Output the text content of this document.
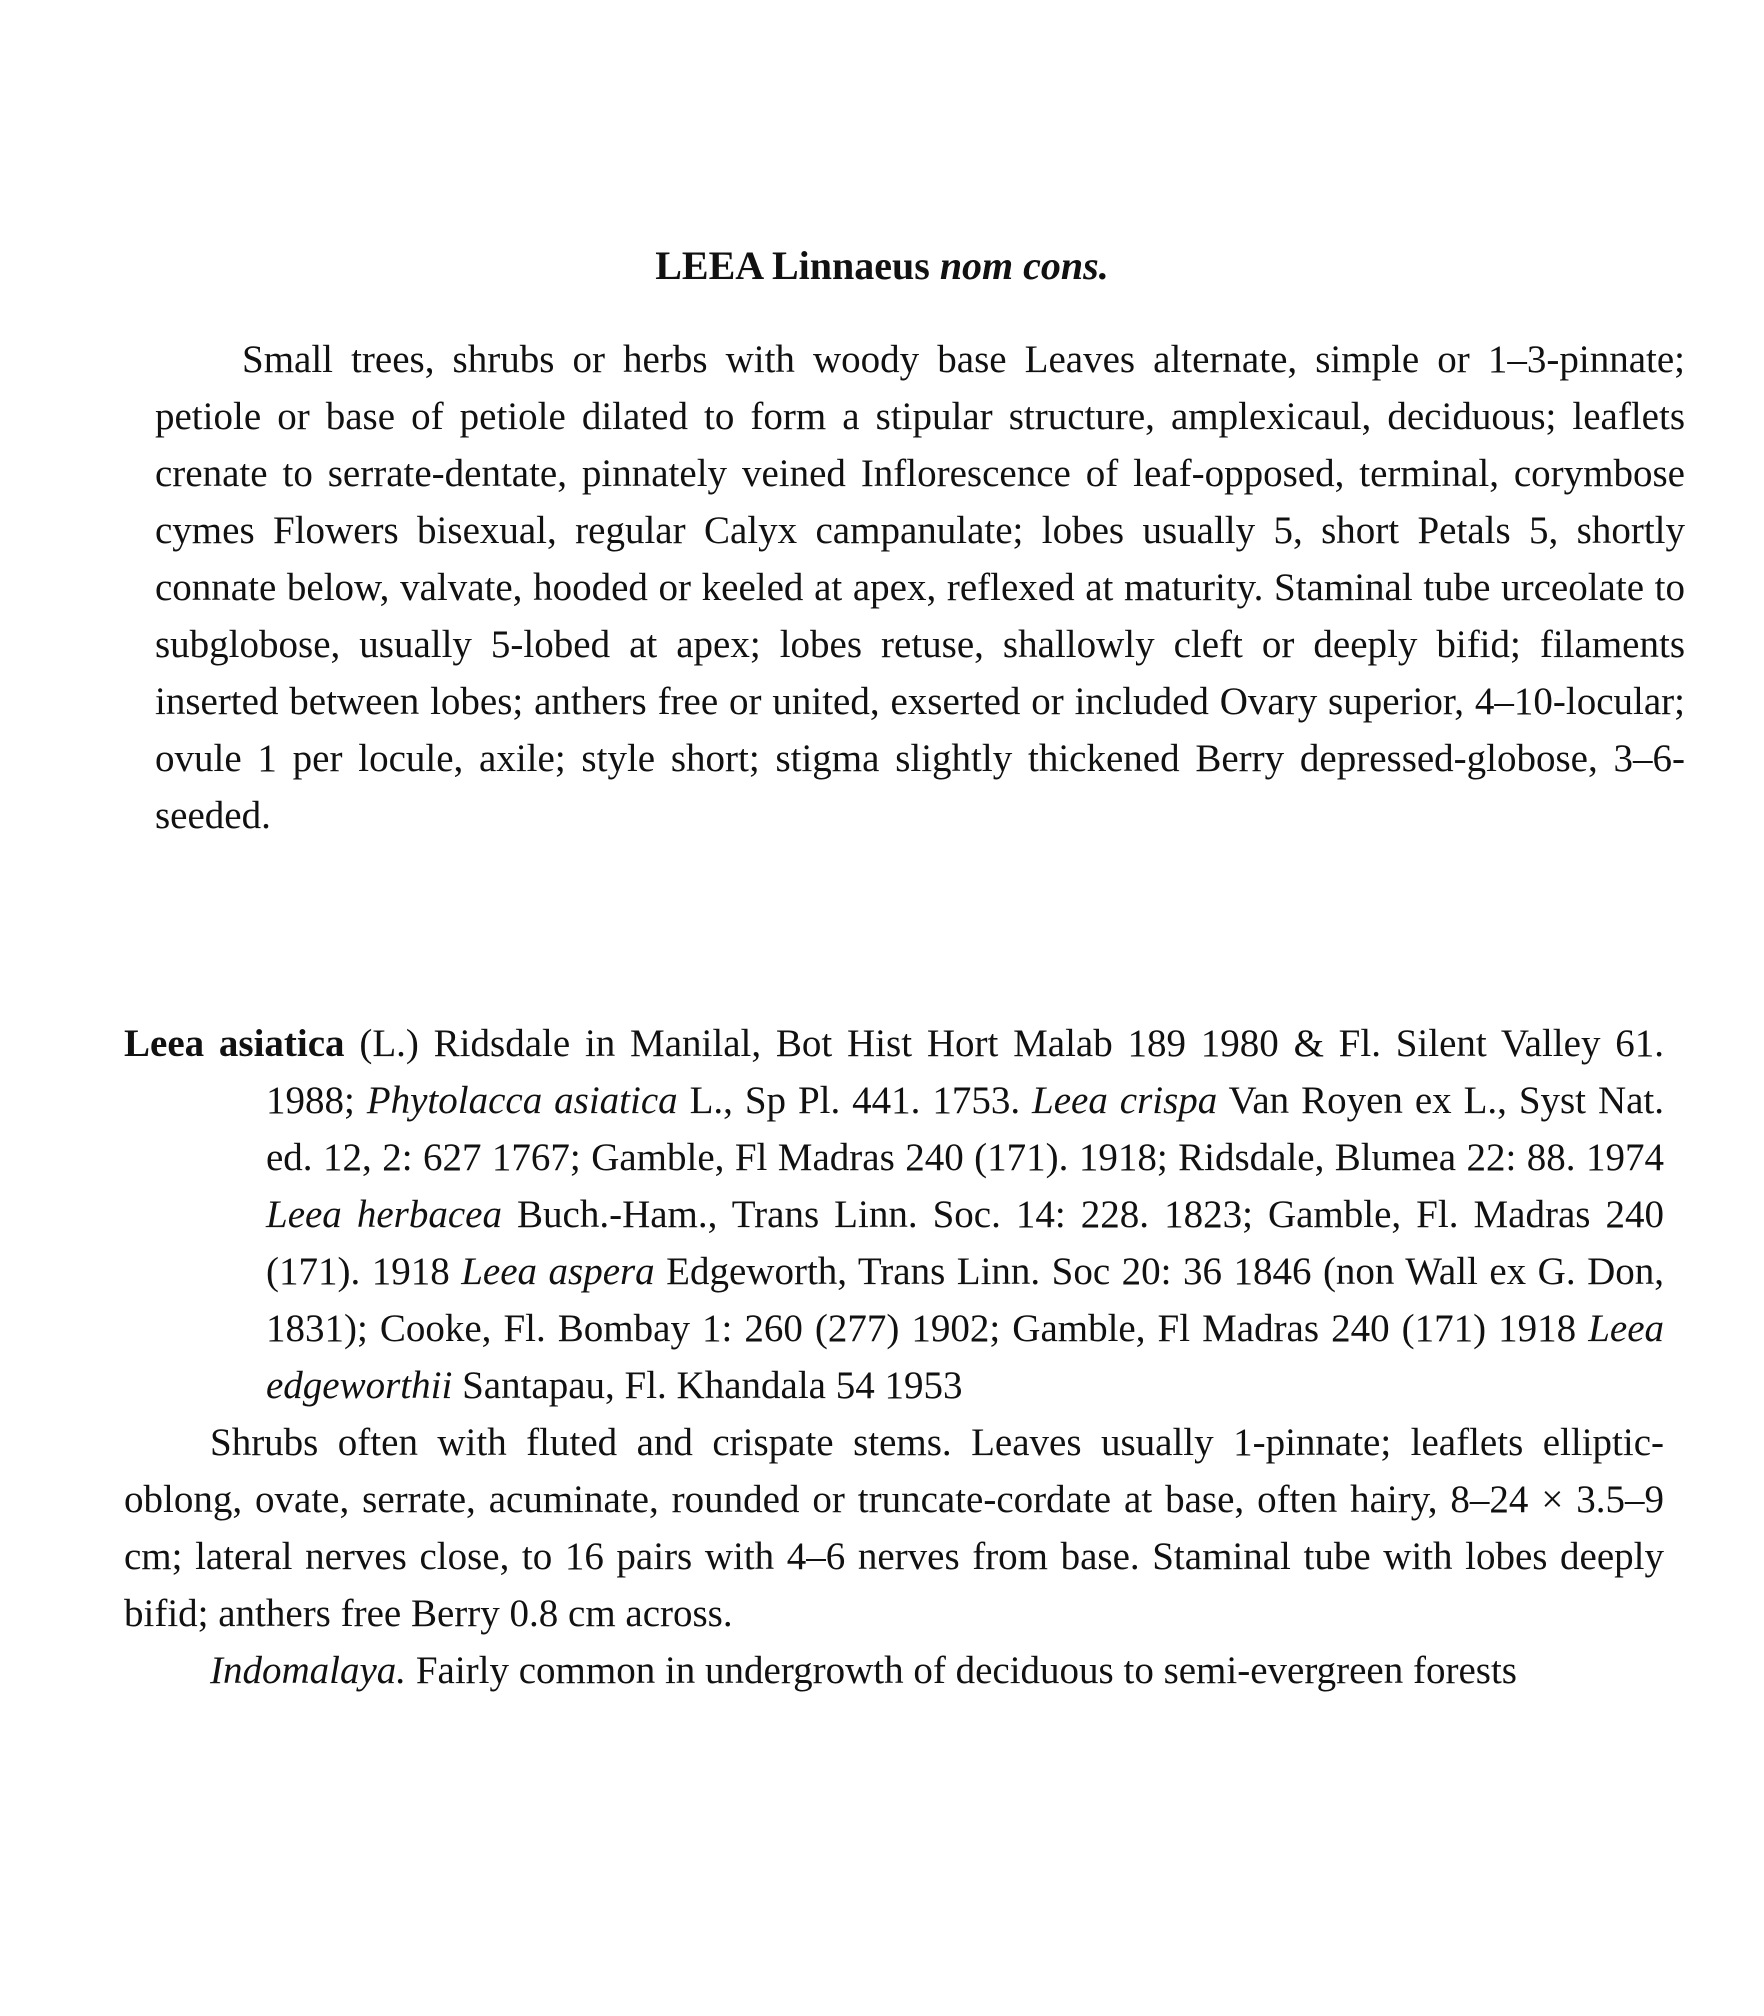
LEEA Linnaeus nom cons.

Small trees, shrubs or herbs with woody base Leaves alternate, simple or 1–3-pinnate; petiole or base of petiole dilated to form a stipular structure, amplexicaul, deciduous; leaflets crenate to serrate-dentate, pinnately veined Inflorescence of leaf-opposed, terminal, corymbose cymes Flowers bisexual, regular Calyx campanulate; lobes usually 5, short Petals 5, shortly connate below, valvate, hooded or keeled at apex, reflexed at maturity. Staminal tube urceolate to subglobose, usually 5-lobed at apex; lobes retuse, shallowly cleft or deeply bifid; filaments inserted between lobes; anthers free or united, exserted or included Ovary superior, 4–10-locular; ovule 1 per locule, axile; style short; stigma slightly thickened Berry depressed-globose, 3–6-seeded.

Leea asiatica (L.) Ridsdale in Manilal, Bot Hist Hort Malab 189 1980 & Fl. Silent Valley 61. 1988; Phytolacca asiatica L., Sp Pl. 441. 1753. Leea crispa Van Royen ex L., Syst Nat. ed. 12, 2: 627 1767; Gamble, Fl Madras 240 (171). 1918; Ridsdale, Blumea 22: 88. 1974 Leea herbacea Buch.-Ham., Trans Linn. Soc. 14: 228. 1823; Gamble, Fl. Madras 240 (171). 1918 Leea aspera Edgeworth, Trans Linn. Soc 20: 36 1846 (non Wall ex G. Don, 1831); Cooke, Fl. Bombay 1: 260 (277) 1902; Gamble, Fl Madras 240 (171) 1918 Leea edgeworthii Santapau, Fl. Khandala 54 1953

Shrubs often with fluted and crispate stems. Leaves usually 1-pinnate; leaflets elliptic-oblong, ovate, serrate, acuminate, rounded or truncate-cordate at base, often hairy, 8–24 × 3.5–9 cm; lateral nerves close, to 16 pairs with 4–6 nerves from base. Staminal tube with lobes deeply bifid; anthers free Berry 0.8 cm across.

Indomalaya. Fairly common in undergrowth of deciduous to semi-evergreen forests
